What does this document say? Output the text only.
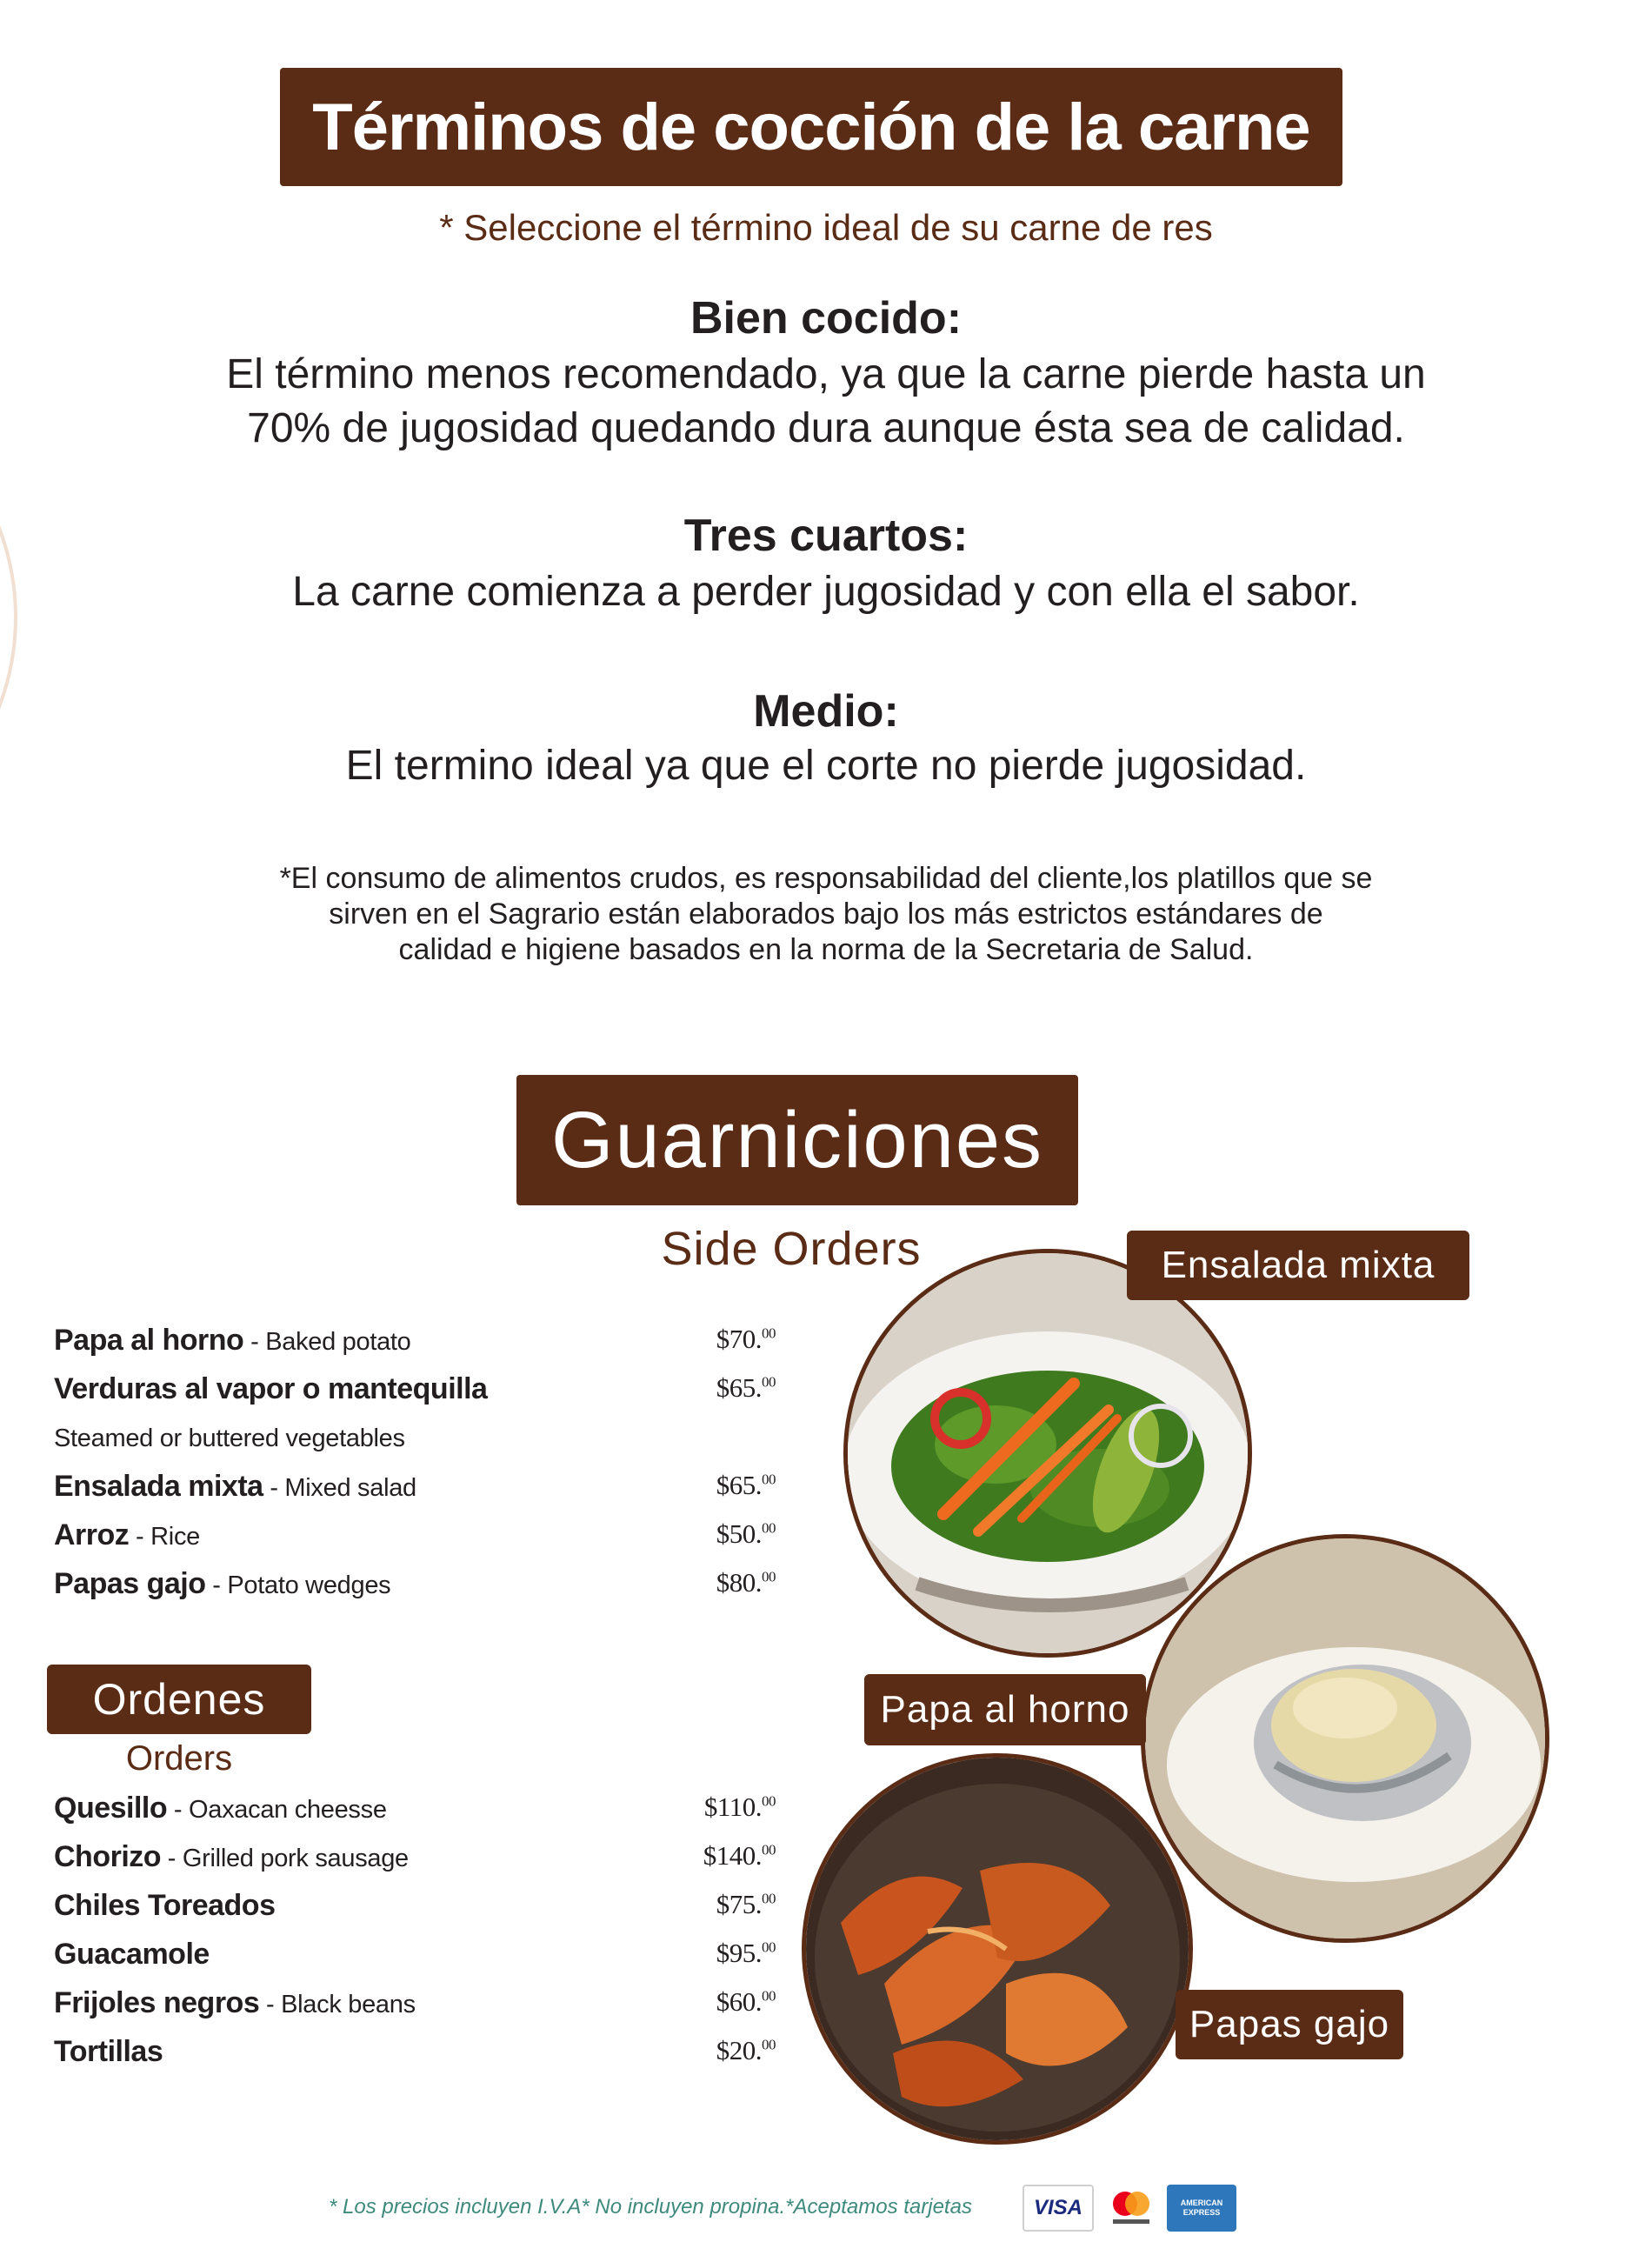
Términos de cocción de la carne
* Seleccione el término ideal de su carne de res
Bien cocido:
El término menos recomendado, ya que la carne pierde hasta un
70% de jugosidad quedando dura aunque ésta sea de calidad.
Tres cuartos:
La carne comienza a perder jugosidad y con ella el sabor.
Medio:
El termino ideal ya que el corte no pierde jugosidad.
*El consumo de alimentos crudos, es responsabilidad del cliente,los platillos que se
sirven en el Sagrario están elaborados bajo los más estrictos estándares de
calidad e higiene basados en la norma de la Secretaria de Salud.
Guarniciones
Side Orders
Papa al horno - Baked potato	$70.00
Verduras al vapor o mantequilla	$65.00
Steamed or buttered vegetables
Ensalada mixta - Mixed salad	$65.00
Arroz - Rice	$50.00
Papas gajo - Potato wedges	$80.00
Ordenes
Orders
Quesillo - Oaxacan cheesse	$110.00
Chorizo - Grilled pork sausage	$140.00
Chiles Toreados	$75.00
Guacamole	$95.00
Frijoles negros - Black beans	$60.00
Tortillas	$20.00
Ensalada mixta
Papa al horno
Papas gajo
* Los precios incluyen I.V.A* No incluyen propina.*Aceptamos tarjetas	VISA	AMERICAN EXPRESS
